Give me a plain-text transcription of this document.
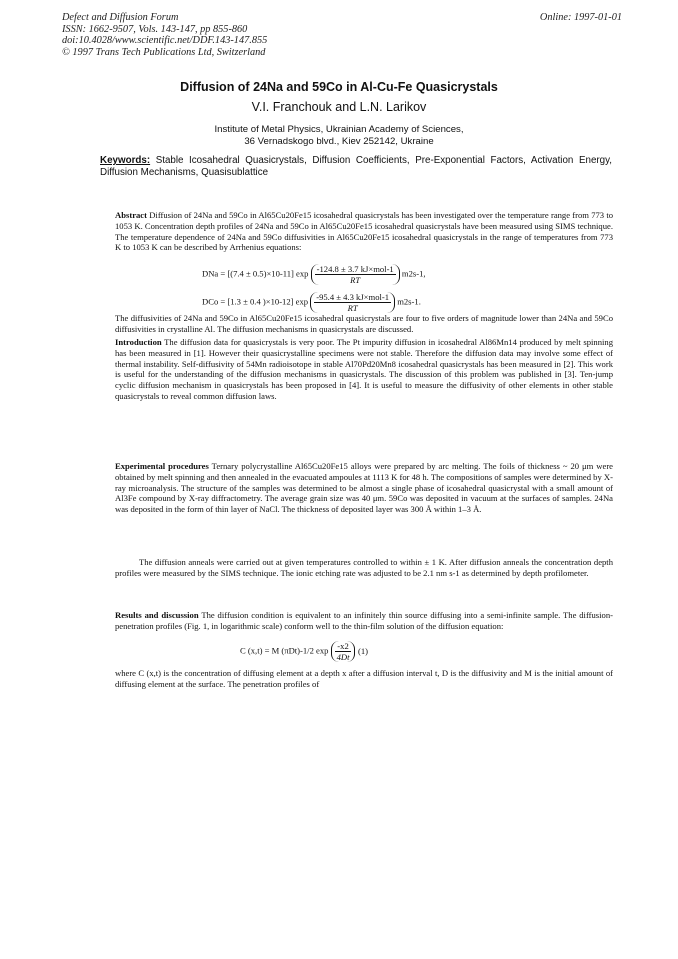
Defect and Diffusion Forum
ISSN: 1662-9507, Vols. 143-147, pp 855-860
doi:10.4028/www.scientific.net/DDF.143-147.855
© 1997 Trans Tech Publications Ltd, Switzerland
Online: 1997-01-01
Diffusion of 24Na and 59Co in Al-Cu-Fe Quasicrystals
V.I. Franchouk and L.N. Larikov
Institute of Metal Physics, Ukrainian Academy of Sciences,
36 Vernadskogo blvd., Kiev 252142, Ukraine
Keywords: Stable Icosahedral Quasicrystals, Diffusion Coefficients, Pre-Exponential Factors, Activation Energy, Diffusion Mechanisms, Quasisublattice
Abstract Diffusion of 24Na and 59Co in Al65Cu20Fe15 icosahedral quasicrystals has been investigated over the temperature range from 773 to 1053 K. Concentration depth profiles of 24Na and 59Co in Al65Cu20Fe15 icosahedral quasicrystals have been measured using SIMS technique. The temperature dependence of 24Na and 59Co diffusivities in Al65Cu20Fe15 icosahedral quasicrystals in the range of temperatures from 773 K to 1053 K can be described by Arrhenius equations:
DNa = [(7.4 ± 0.5)×10-11] $\exp \frac{\text{-124.8 ± 3.7 kJ×mol-1}}{RT} m2s-1$,
DCo = [1.3 ± 0.4 )×10-12] $\exp \frac{\text{-95.4 ± 4.3 kJ×mol-1}}{RT} m2s-1$.
The diffusivities of 24Na and 59Co in Al65Cu20Fe15 icosahedral quasicrystals are four to five orders of magnitude lower than 24Na and 59Co diffusivities in crystalline Al. The diffusion mechanisms in quasicrystals are discussed.
Introduction The diffusion data for quasicrystals is very poor. The Pt impurity diffusion in icosahedral Al86Mn14 produced by melt spinning has been measured in [1]. However their quasicrystalline specimens were not stable. Therefore the diffusion data may involve some effect of thermal instability. Self-diffusivity of 54Mn radioisotope in stable Al70Pd20Mn8 icosahedral quasicrystals has been measured in [2]. This work is useful for the understanding of the diffusion mechanisms in quasicrystals. The discussion of this problem was published in [3]. Ten-jump cyclic diffusion mechanism in quasicrystals has been proposed in [4]. It is useful to measure the diffusivity of other elements in other stable quasicrystals to reveal common diffusion laws.
Experimental procedures Ternary polycrystalline Al65Cu20Fe15 alloys were prepared by arc melting. The foils of thickness ~ 20 μm were obtained by melt spinning and then annealed in the evacuated ampoules at 1113 K for 48 h. The compositions of samples were determined by X-ray microanalysis. The structure of the samples was determined to be almost a single phase of icosahedral quasicrystal with a small amount of Al3Fe compound by X-ray diffractometry. The average grain size was 40 μm. 59Co was deposited in vacuum at the surfaces of samples. 24Na was deposited in the form of thin layer of NaCl. The thickness of deposited layer was 300 Å within 1–3 Å.
The diffusion anneals were carried out at given temperatures controlled to within ± 1 K. After diffusion anneals the concentration depth profiles were measured by the SIMS technique. The ionic etching rate was adjusted to be 2.1 nm s-1 as determined by depth profilometer.
Results and discussion The diffusion condition is equivalent to an infinitely thin source diffusing into a semi-infinite sample. The diffusion-penetration profiles (Fig. 1, in logarithmic scale) conform well to the thin-film solution of the diffusion equation:
C (x,t) = M (πDt)-1/2 $\exp \frac{-x2}{4Dt} (1)$
where C (x,t) is the concentration of diffusing element at a depth x after a diffusion interval t, D is the diffusivity and M is the initial amount of diffusing element at the surface. The penetration profiles of
